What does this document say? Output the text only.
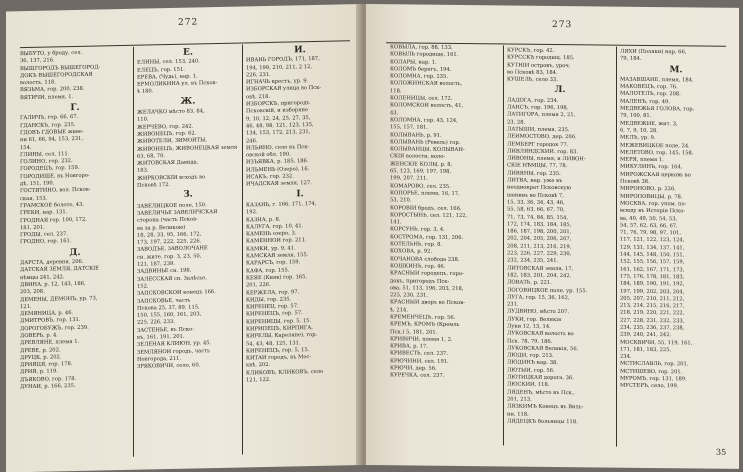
272
ВЫБУТО, у броду, сел.
36, 137, 216.
ВЫШГОРОДЪ ВЫШЕГОРОД-
ДОКЪ ВЫШЕГОРОДСКАЯ
волость, 118.
ВЯЗЬМА, гор. 200, 238.
ВЯТИЧИ, племя, 1.
Г.
ГАЛИЧЪ, гор. 66, 67.
ГДАНСКЪ, гор. 235.
ГДОВЪ ГДОВЫЕ живе-
ни 61, 66, 94, 153, 231,
154.
ГЛИНЫ, сел. 111.
ГОЛИНО, гор. 232.
ГОРОДЕЦЪ, гор. 159.
ГОРОДИЩЕ, въ Новгоро-
дѣ, 151, 190.
ГОСТЯТИНО, вол. Псков-
ская, 153.
ГРАМСКОЕ болото, 43.
ГРЕКИ, нар. 131.
ГРОДНАЯ гор. 100, 172,
181, 201.
ГРОДЫ, сел. 237.
ГРОДНО, гор. 161.
Д.
ДАРСТА, деревня, 206.
ДАТСКАЯ ЗЕМЛЯ, ДАТСКІЕ
нѣмцы 241, 242.
ДВИНА, р. 12, 143, 186,
203, 208.
ДЕМЕНЫ, ДЕМОНЪ, ур. 73,
121.
ДЕМЯНИЦА, р. 46.
ДМИТРОВЪ, гор. 131.
ДОРОГОБУЖЪ, гор. 239.
ДОВЕРЬ, р. 4.
ДРЕВЛЯНЕ, племя 1.
ДРЕВЕ, р. 202.
ДРУЦК, р. 202.
ДРИЯЦЯ, гор. 178.
ДРИЯ, р. 119.
ДЪЯКОВО, гор. 178.
ДУНАЙ, р. 166, 235.
Е.
ЕЛИНЫ, сел. 153, 240.
ЕЛЕЦЪ, гор. 151.
ЕРЕВА, (Чудь), нар. 1.
ЕРМОЛИКИНА ул. въ Псков-
ѣ 180.
Ж.
ЖЕЛАЧКО мѣсто 83, 84,
110.
ЖЕРЧЕВО, гор. 242.
ЖИВОНЕЦЪ, гор. 62.
ЖИВОТЕЛИ, ЗИМОЙТЫ,
ЖИВОНЕЦЪ, ЖИВОНЕЦКАЯ земля
63, 68, 70.
ЖИТОВСКАЯ Давида,
183.
ЖИРКОВСКІЙ всходъ во
Псковѣ 172.
З.
ЗАВЕЛИЦКОЕ поле, 150.
ЗАВЕЛИЧЬЕ ЗАВЕЛИЧСКАЯ
сторона (часть Псков-
ва за р. Великою)
18, 28, 33, 95, 166, 172,
173, 197, 222, 225, 226.
ЗАВОДЪЕ, ЗАВОЛОЧАНЕ
сн. жите. гор. 3, 23, 50,
121, 187, 239.
ЗАДВИНЬЕ сн. 198.
ЗАЛЕССКАЯ сн. Залѣсье,
152.
ЗАПСКОВСКОЙ конецъ 166.
ЗАПСКОВЬЕ, часть
Пскова 25, 37, 89, 115,
150, 155, 160, 161, 203,
225, 226, 233.
ЗАСТЕНЬЕ, въ Пско-
въ, 161, 191, 201.
ЗЕЛЕНАЯ КЛИЮН, ур. 45.
ЗЕМЛЯНОЙ городъ, часть
Новгорода, 211.
ЗРЯКОВИЧИ, село, 60.
И.
ИВАНЬ ГОРОДЪ, 171, 187,
194, 199, 210, 211, 2 12,
226, 231.
ИГНАЧЬ крестъ, ур. 9.
ИЗБОРСКАЯ улица во Пск-
овѣ, 218.
ИЗБОРСКЪ, пригородъ
Псковскій, и изборяне
9, 10, 12, 24, 25, 27, 35,
46, 48, 98, 121, 123, 135,
134, 153, 172, 213, 231,
246.
ИЛЬИНО, село въ Пск-
овской обл. 190.
ИЗЪЯВКА, р. 185, 186.
ИЛЬМЕНЬ (Озеро), 16.
ИСАКЪ, гор. 232.
ИЧАДСКАЯ земля, 127.
І.
КАЗАНЬ, г. 166, 171, 174,
192.
КАЗНА, р. 8.
КАЛУГА, гор. 10, 41.
КАМЕНЬ озеро, 3.
КАМЕННОЙ гор. 211.
КАМКИ, ур. 9, 41.
КАМСКАЯ земля, 155.
КАРАРСЪ, гор. 159.
КАФА, гор. 155.
КЕЯЕ (Кияк) гор. 165,
201, 226.
КЕРЖЕЛА, гор. 97.
КИДЫ, гор. 235.
КИРЕНЕЦ, гор. 57.
КИРЕНЕЦЪ, гор. 57.
КИРЕНИЦЫ, гор. 5, 15.
КИРИПЕЦЪ, КИРПИГА,
КИРЕЛЫ, Кареляне), гор.
54, 43, 48, 125, 131.
КИРЕНЕЦЪ, гор. 5, 15.
КИТАЙ городъ, въ Мос-
квѣ, 202.
КЛИКОВЪ, КЛИКОВЪ, село
121, 122.
273
КОВЫЛА, гор. 88, 133.
КОВЫЛЬ городище, 161.
КОЛАРЫ, нар. 1.
КОЛОМЪ берегъ, 194.
КОЛОМНА, гор. 235.
КОЛОЖИНСКАЯ волость,
118.
КОЛЕНИЦЫ, сел. 172.
КОЛОМСКОЙ волость, 41,
43.
КОЛОМНА, гор. 43, 124,
155, 157, 181.
КОЛЫВАНЬ, р. 91.
КОЛЫВАНЬ (Ревель) гор.
КОЛЫВАНЦЫ, КОЛЫВАН-
СКІЯ волости, воло-
ЖЕНСКІЕ КОЛЫ, р. 8,
65, 123, 169, 197, 198,
199, 207, 211.
КОМАРОВО, сел. 235.
КОПОРЬЕ, племя, 16, 17,
53, 210.
КОРОВІЙ бродъ, сел. 166.
КОРОСТЫНЬ, сел. 121, 122,
141.
КОРСУНЬ, гор. 3, 4.
КОСТРОМА, гор. 131, 206.
КОТЕЛЬНЬ, гор. 8.
КОХОВА, р. 92.
КОЧАНОВА слобода 238.
КОШКИНЪ, гор. 46.
КРАСНЫЙ городецъ, горо-
докъ, пригородъ Пск-
ова, 51, 113, 196, 203, 218,
225, 230, 231.
КРАСНЫЙ дворъ во Псков-
ѣ, 214.
КРЕМЕНЧЕЦЪ, гор. 56.
КРЕМЪ, КРОМЪ (Кремль
Пск.) 5, 181, 201.
КРИВИЧИ, племя 1, 2.
КРИВА, р. 17.
КРИВЕСТЬ, сел. 237.
КРЮЧИНИ, сел. 191.
КРЮЧИ, дер. 56.
КУРЕЧКА, сел. 237.
КУРСКЪ, гор. 42.
КУРССКЪ городищ. 185.
КУТНІЙ островъ, уроч.
во Псковѣ 83, 184.
КУШЕЛЬ, село 33.
Л.
ЛАДОГА, гор. 234.
ЛАНСЪ, гор. 196, 198.
ЛАТИГОРА, племя 2, 21,
23, 28.
ЛАТЫШИ, племя, 235.
ЛЕЙМОСТОВО, дер. 206.
ЛЕМБЕРГ городок 77.
ЛИВЛЯНДСКИЙ. гор. 83.
ЛИВОНЫ, племя, и ЛИВОН-
СКІЕ НѢМЦЫ, 77, 78.
ЛИВЯНЫ, гор. 235.
ЛИТВА, нар. уже въ
неоднократ Псковскую
шенинь во Псковѣ 7,
15, 33, 36, 34, 43, 46,
55, 58, 63, 66, 67, 70,
71, 73, 74, 84, 85, 154,
172, 174, 183, 184, 185,
186, 187, 198, 200, 201,
202, 204, 205, 206, 207,
208, 211, 213, 216, 219,
223, 226, 227, 229, 230,
232, 234, 235, 241.
ЛИТОВСКАЯ земля, 17,
182, 183, 201, 204, 242.
ЛОВАТЬ, р. 221.
ЛОГОВИЦКОЕ поле, ур. 155.
ЛУГА, гор. 15, 36, 162,
231.
ЛУДВИНО, мѣсто 207.
ЛУКИ, гор. Великія
Луки 12, 13, 14.
ЛУКОВСКАЯ волость во
Пск. 78, 79, 186.
ЛУКОВСКАЯ Великія, 56.
ЛЮДИ, гор. 213.
ЛЮДИНЪ нар. 38.
ЛЮТЫЙ, гор. 56.
ЛЮТИЦКАЯ дорога, 36.
ЛЮСКИЙ, 118.
ЛЯДЕНЪ, мѣсто въ Пск.,
201, 213.
ЛЯЗКИМЪ Конецъ въ Виль-
ни, 118.
ЛЯДЕЦКЪ больницы 118.
ЛЯХИ (Поляки) нар. 66,
79, 184.
М.
МАЗАВШАНЕ, племя, 184.
МАКОВЕЦЪ, гор. 76.
МАЛОТЕЛЪ, гор. 208.
МАЛЕНЪ, гор. 49.
МЕДВЕЖЬЯ ГОЛОВА, гор.
79, 100, 81.
МЕДВЕЖИЕ, жит. 3,
6, 7, 9, 10, 28.
МЕЛЪ, ур. 9.
МЕЖЕВИЦКОЕ поле, 24.
МЕЛЕТОВО, гор. 145, 158.
МЕРЯ, племя 1.
МИКУЛИНЪ, гор. 164.
МИРОЖСКАЯ церковь во
Псковѣ 38.
МИРОНОВО, р. 226.
МИРОПОВИЦЫ, р. 78.
МОСКВА, гор. упом. по-
всюду въ Исторіи Пско-
ва, 40, 49, 50, 54, 53,
54, 57, 62, 63, 66, 67,
71, 76, 79, 98, 97, 101,
117, 121, 122, 123, 124,
129, 131, 134, 137, 141,
144, 145, 148, 150, 151,
152, 155, 156, 157, 159,
161, 162, 167, 171, 173,
175, 176, 178, 181, 183,
184, 189, 190, 191, 192,
197, 199, 202, 203, 204,
205, 207, 210, 211, 212,
213, 214, 215, 216, 217,
218, 219, 220, 221, 222,
227, 228, 231, 232, 233,
234, 235, 236, 237, 238,
239, 240, 241, 242.
МОСКВИЧИ, 55, 119, 161,
171, 181, 183, 225,
234.
МСТИСЛАВЛЬ, гор. 201.
МСТИШЕВО, гор. 201.
МУРОМЪ, гор. 131, 189.
МУСТЕРЪ, село, 199.
35
